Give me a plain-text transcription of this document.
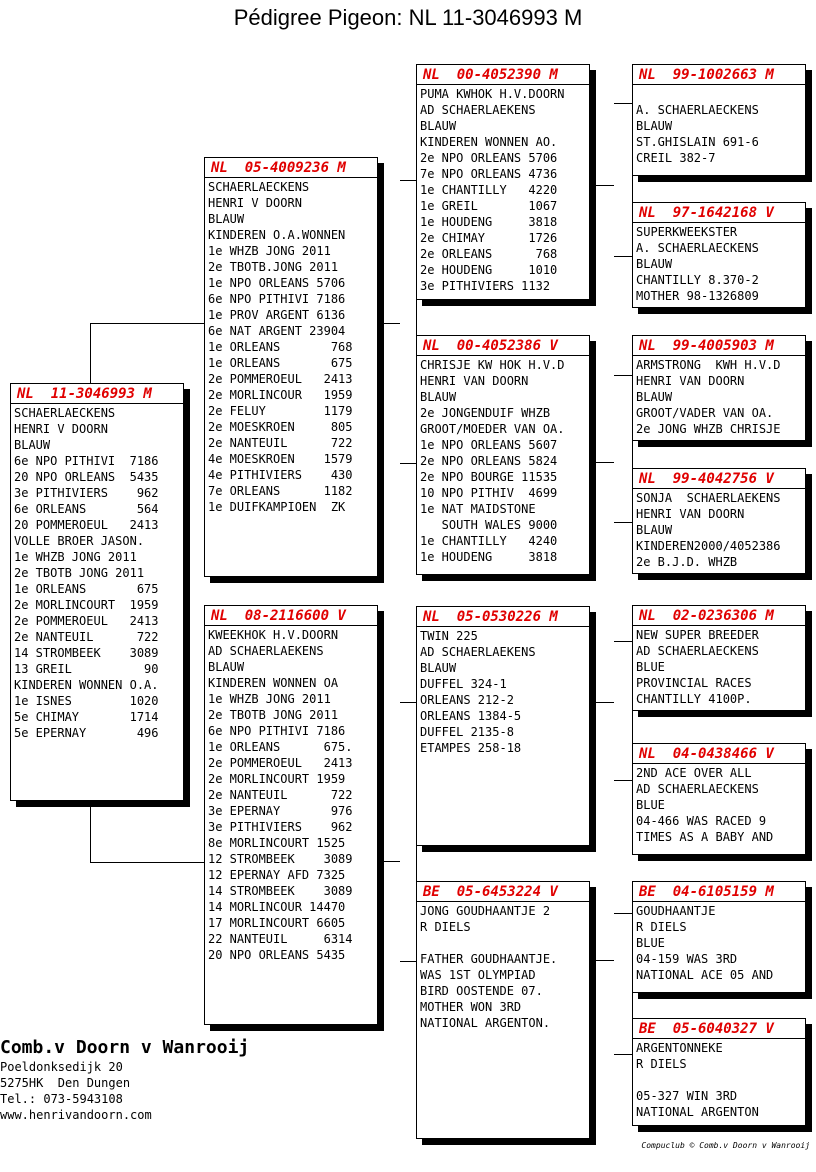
Pédigree Pigeon: NL 11-3046993 M
NL  11-3046993 M
SCHAERLAECKENS
HENRI V DOORN
BLAUW
6e NPO PITHIVI  7186
20 NPO ORLEANS  5435
3e PITHIVIERS    962
6e ORLEANS       564
20 POMMEROEUL   2413
VOLLE BROER JASON.
1e WHZB JONG 2011
2e TBOTB JONG 2011
1e ORLEANS       675
2e MORLINCOURT  1959
2e POMMEROEUL   2413
2e NANTEUIL      722
14 STROMBEEK    3089
13 GREIL          90
KINDEREN WONNEN O.A.
1e ISNES        1020
5e CHIMAY       1714
5e EPERNAY       496
NL  05-4009236 M
SCHAERLAECKENS
HENRI V DOORN
BLAUW
KINDEREN O.A.WONNEN
1e WHZB JONG 2011
2e TBOTB.JONG 2011
1e NPO ORLEANS 5706
6e NPO PITHIVI 7186
1e PROV ARGENT 6136
6e NAT ARGENT 23904
1e ORLEANS       768
1e ORLEANS       675
2e POMMEROEUL   2413
2e MORLINCOUR   1959
2e FELUY        1179
2e MOESKROEN     805
2e NANTEUIL      722
4e MOESKROEN    1579
4e PITHIVIERS    430
7e ORLEANS      1182
1e DUIFKAMPIOEN  ZK
NL  08-2116600 V
KWEEKHOK H.V.DOORN
AD SCHAERLAEKENS
BLAUW
KINDEREN WONNEN OA
1e WHZB JONG 2011
2e TBOTB JONG 2011
6e NPO PITHIVI 7186
1e ORLEANS      675.
2e POMMEROEUL   2413
2e MORLINCOURT 1959
2e NANTEUIL      722
3e EPERNAY       976
3e PITHIVIERS    962
8e MORLINCOURT 1525
12 STROMBEEK    3089
12 EPERNAY AFD 7325
14 STROMBEEK    3089
14 MORLINCOUR 14470
17 MORLINCOURT 6605
22 NANTEUIL     6314
20 NPO ORLEANS 5435
NL  00-4052390 M
PUMA KWHOK H.V.DOORN
AD SCHAERLAEKENS
BLAUW
KINDEREN WONNEN AO.
2e NPO ORLEANS 5706
7e NPO ORLEANS 4736
1e CHANTILLY   4220
1e GREIL       1067
1e HOUDENG     3818
2e CHIMAY      1726
2e ORLEANS      768
2e HOUDENG     1010
3e PITHIVIERS 1132
NL  00-4052386 V
CHRISJE KW HOK H.V.D
HENRI VAN DOORN
BLAUW
2e JONGENDUIF WHZB
GROOT/MOEDER VAN OA.
1e NPO ORLEANS 5607
2e NPO ORLEANS 5824
2e NPO BOURGE 11535
10 NPO PITHIV  4699
1e NAT MAIDSTONE
SOUTH WALES 9000
1e CHANTILLY   4240
1e HOUDENG     3818
NL  05-0530226 M
TWIN 225
AD SCHAERLAEKENS
BLAUW
DUFFEL 324-1
ORLEANS 212-2
ORLEANS 1384-5
DUFFEL 2135-8
ETAMPES 258-18
BE  05-6453224 V
JONG GOUDHAANTJE 2
R DIELS
FATHER GOUDHAANTJE.
WAS 1ST OLYMPIAD
BIRD OOSTENDE 07.
MOTHER WON 3RD
NATIONAL ARGENTON.
NL  99-1002663 M
A. SCHAERLAECKENS
BLAUW
ST.GHISLAIN 691-6
CREIL 382-7
NL  97-1642168 V
SUPERKWEEKSTER
A. SCHAERLAECKENS
BLAUW
CHANTILLY 8.370-2
MOTHER 98-1326809
NL  99-4005903 M
ARMSTRONG  KWH H.V.D
HENRI VAN DOORN
BLAUW
GROOT/VADER VAN OA.
2e JONG WHZB CHRISJE
NL  99-4042756 V
SONJA  SCHAERLAEKENS
HENRI VAN DOORN
BLAUW
KINDEREN2000/4052386
2e B.J.D. WHZB
NL  02-0236306 M
NEW SUPER BREEDER
AD SCHAERLAECKENS
BLUE
PROVINCIAL RACES
CHANTILLY 4100P.
NL  04-0438466 V
2ND ACE OVER ALL
AD SCHAERLAECKENS
BLUE
04-466 WAS RACED 9
TIMES AS A BABY AND
BE  04-6105159 M
GOUDHAANTJE
R DIELS
BLUE
04-159 WAS 3RD
NATIONAL ACE 05 AND
BE  05-6040327 V
ARGENTONNEKE
R DIELS
05-327 WIN 3RD
NATIONAL ARGENTON
Comb.v Doorn v Wanrooij
Poeldonksedijk 20
5275HK  Den Dungen
Tel.: 073-5943108
www.henrivandoorn.com
Compuclub © Comb.v Doorn v Wanrooij
